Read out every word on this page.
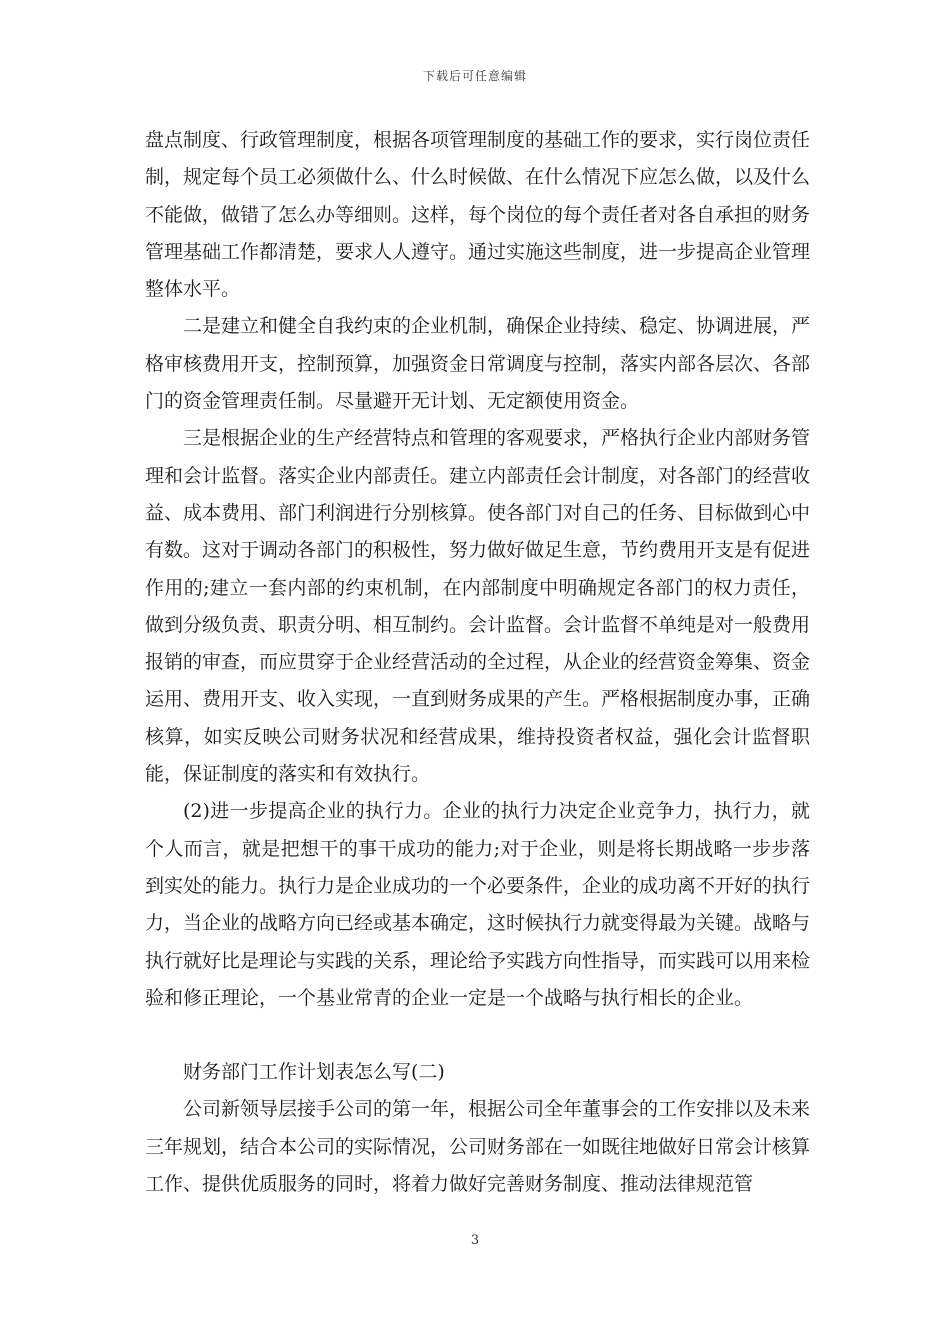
下载后可任意编辑

盘点制度、行政管理制度，根据各项管理制度的基础工作的要求，实行岗位责任制，规定每个员工必须做什么、什么时候做、在什么情况下应怎么做，以及什么不能做，做错了怎么办等细则。这样，每个岗位的每个责任者对各自承担的财务管理基础工作都清楚，要求人人遵守。通过实施这些制度，进一步提高企业管理整体水平。

二是建立和健全自我约束的企业机制，确保企业持续、稳定、协调进展，严格审核费用开支，控制预算，加强资金日常调度与控制，落实内部各层次、各部门的资金管理责任制。尽量避开无计划、无定额使用资金。

三是根据企业的生产经营特点和管理的客观要求，严格执行企业内部财务管理和会计监督。落实企业内部责任。建立内部责任会计制度，对各部门的经营收益、成本费用、部门利润进行分别核算。使各部门对自己的任务、目标做到心中有数。这对于调动各部门的积极性，努力做好做足生意，节约费用开支是有促进作用的;建立一套内部的约束机制，在内部制度中明确规定各部门的权力责任，做到分级负责、职责分明、相互制约。会计监督。会计监督不单纯是对一般费用报销的审查，而应贯穿于企业经营活动的全过程，从企业的经营资金筹集、资金运用、费用开支、收入实现，一直到财务成果的产生。严格根据制度办事，正确核算，如实反映公司财务状况和经营成果，维持投资者权益，强化会计监督职能，保证制度的落实和有效执行。

(2)进一步提高企业的执行力。企业的执行力决定企业竞争力，执行力，就个人而言，就是把想干的事干成功的能力;对于企业，则是将长期战略一步步落到实处的能力。执行力是企业成功的一个必要条件，企业的成功离不开好的执行力，当企业的战略方向已经或基本确定，这时候执行力就变得最为关键。战略与执行就好比是理论与实践的关系，理论给予实践方向性指导，而实践可以用来检验和修正理论，一个基业常青的企业一定是一个战略与执行相长的企业。

财务部门工作计划表怎么写(二)

公司新领导层接手公司的第一年，根据公司全年董事会的工作安排以及未来三年规划，结合本公司的实际情况，公司财务部在一如既往地做好日常会计核算工作、提供优质服务的同时，将着力做好完善财务制度、推动法律规范管

3
